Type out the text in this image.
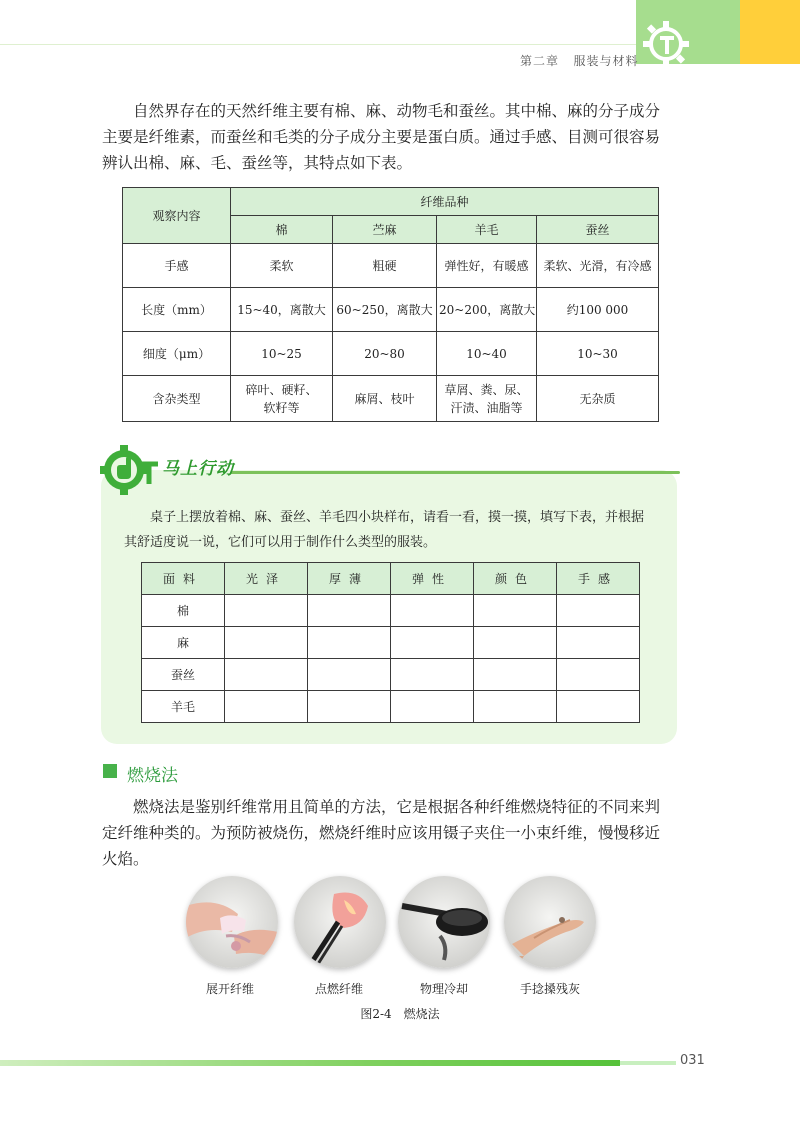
第二章 服装与材料
自然界存在的天然纤维主要有棉、麻、动物毛和蚕丝。其中棉、麻的分子成分
主要是纤维素，而蚕丝和毛类的分子成分主要是蛋白质。通过手感、目测可很容易
辨认出棉、麻、毛、蚕丝等，其特点如下表。
观察内容	纤维品种			
	棉	苎麻	羊毛	蚕丝
手感	柔软	粗硬	弹性好，有暖感	柔软、光滑，有冷感
长度（mm）	15~40，离散大	60~250，离散大	20~200，离散大	约100 000
细度（μm）	10~25	20~80	10~40	10~30
含杂类型	碎叶、硬籽、软籽等	麻屑、枝叶	草屑、粪、尿、汗渍、油脂等	无杂质
马上行动
桌子上摆放着棉、麻、蚕丝、羊毛四小块样布，请看一看，摸一摸，填写下表，并根据
其舒适度说一说，它们可以用于制作什么类型的服装。
面料	光泽	厚薄	弹性	颜色	手感
棉					
麻					
蚕丝					
羊毛					
燃烧法
燃烧法是鉴别纤维常用且简单的方法，它是根据各种纤维燃烧特征的不同来判
定纤维种类的。为预防被烧伤，燃烧纤维时应该用镊子夹住一小束纤维，慢慢移近
火焰。
展开纤维	点燃纤维	物理冷却	手捻搡残灰
图2-4　燃烧法
031
